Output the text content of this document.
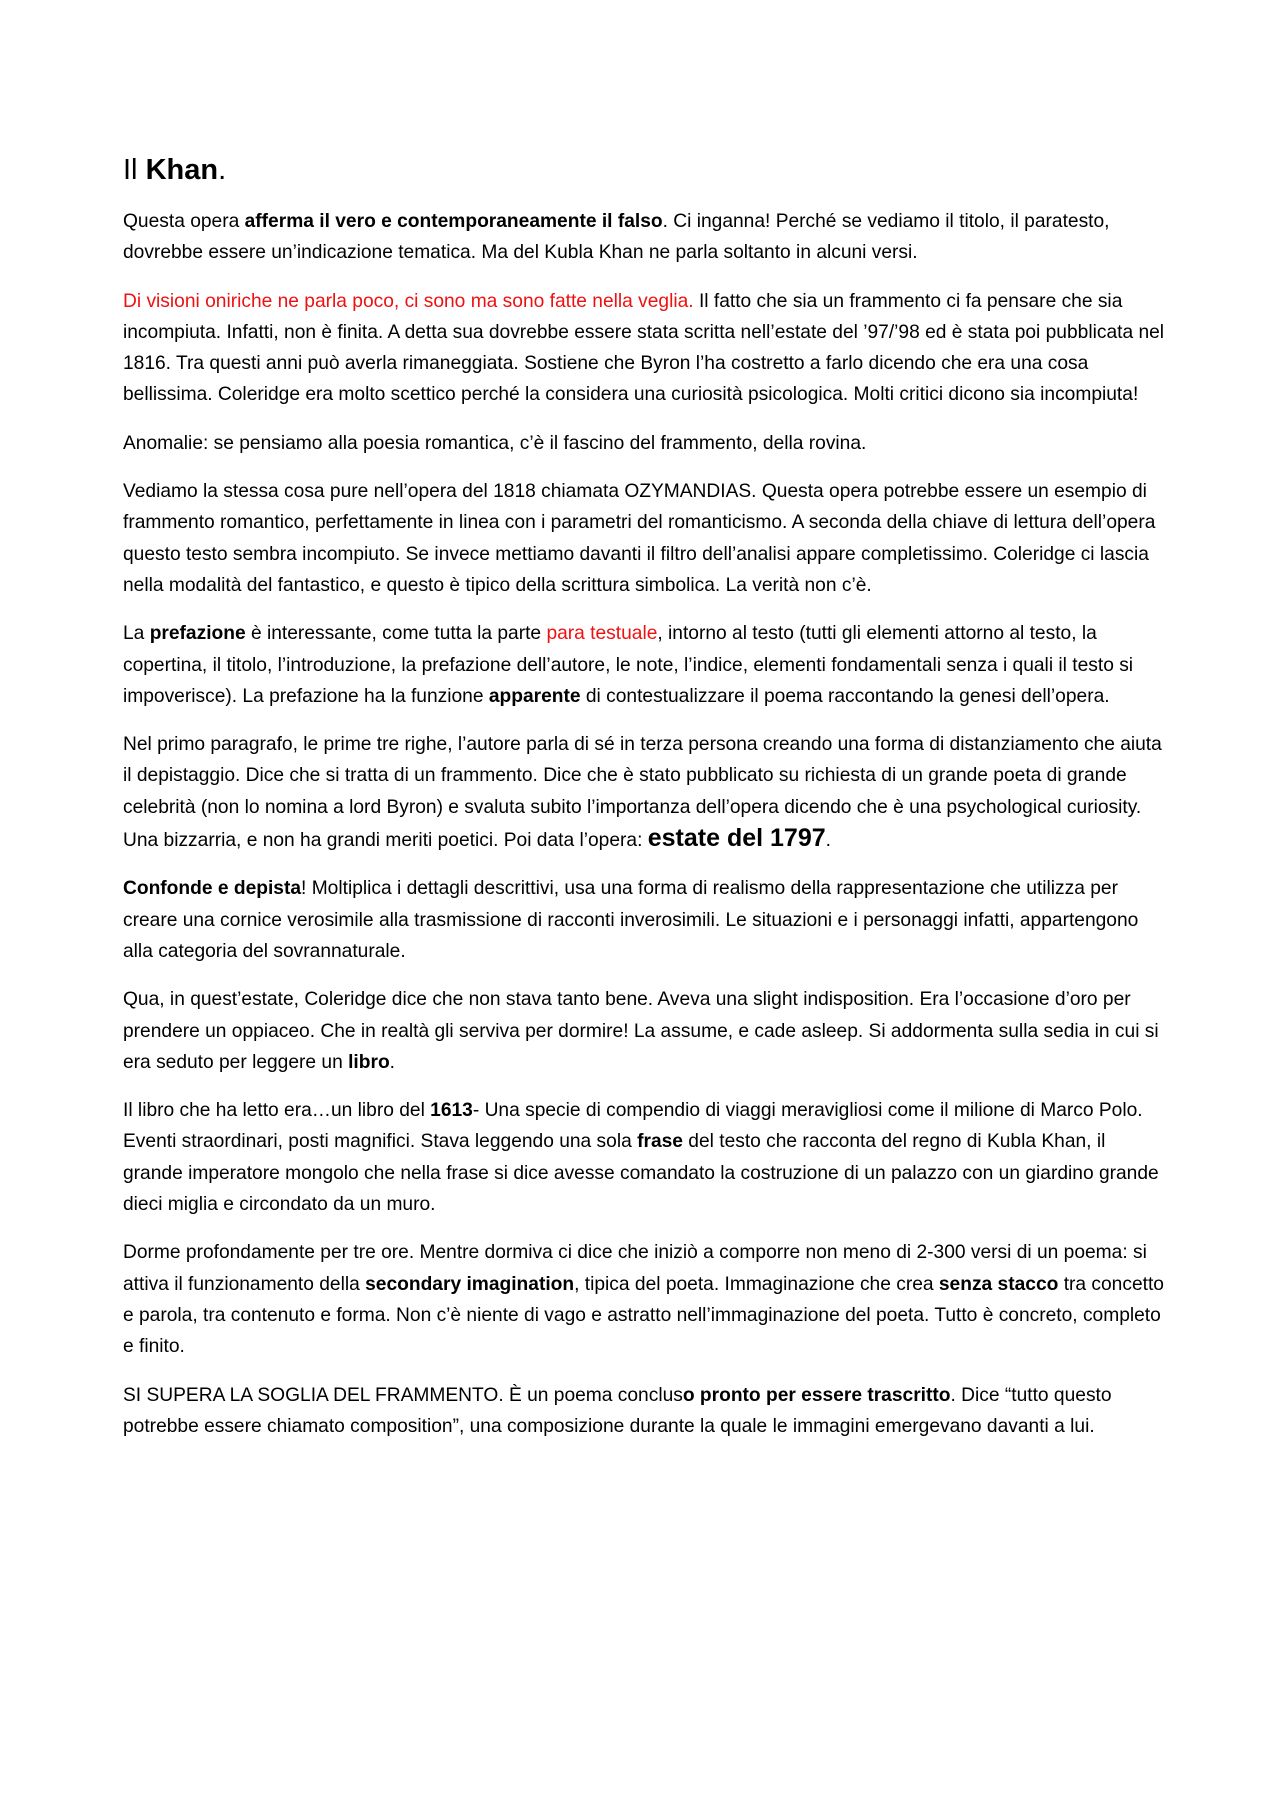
Il Khan.

Questa opera afferma il vero e contemporaneamente il falso. Ci inganna! Perché se vediamo il titolo, il paratesto, dovrebbe essere un’indicazione tematica. Ma del Kubla Khan ne parla soltanto in alcuni versi.

Di visioni oniriche ne parla poco, ci sono ma sono fatte nella veglia. Il fatto che sia un frammento ci fa pensare che sia incompiuta. Infatti, non è finita. A detta sua dovrebbe essere stata scritta nell’estate del ’97/’98 ed è stata poi pubblicata nel 1816. Tra questi anni può averla rimaneggiata. Sostiene che Byron l’ha costretto a farlo dicendo che era una cosa bellissima. Coleridge era molto scettico perché la considera una curiosità psicologica. Molti critici dicono sia incompiuta!

Anomalie: se pensiamo alla poesia romantica, c’è il fascino del frammento, della rovina.

Vediamo la stessa cosa pure nell’opera del 1818 chiamata OZYMANDIAS. Questa opera potrebbe essere un esempio di frammento romantico, perfettamente in linea con i parametri del romanticismo. A seconda della chiave di lettura dell’opera questo testo sembra incompiuto. Se invece mettiamo davanti il filtro dell’analisi appare completissimo. Coleridge ci lascia nella modalità del fantastico, e questo è tipico della scrittura simbolica. La verità non c’è.

La prefazione è interessante, come tutta la parte para testuale, intorno al testo (tutti gli elementi attorno al testo, la copertina, il titolo, l’introduzione, la prefazione dell’autore, le note, l’indice, elementi fondamentali senza i quali il testo si impoverisce). La prefazione ha la funzione apparente di contestualizzare il poema raccontando la genesi dell’opera.

Nel primo paragrafo, le prime tre righe, l’autore parla di sé in terza persona creando una forma di distanziamento che aiuta il depistaggio. Dice che si tratta di un frammento. Dice che è stato pubblicato su richiesta di un grande poeta di grande celebrità (non lo nomina a lord Byron) e svaluta subito l’importanza dell’opera dicendo che è una psychological curiosity. Una bizzarria, e non ha grandi meriti poetici. Poi data l’opera: estate del 1797.

Confonde e depista! Moltiplica i dettagli descrittivi, usa una forma di realismo della rappresentazione che utilizza per creare una cornice verosimile alla trasmissione di racconti inverosimili. Le situazioni e i personaggi infatti, appartengono alla categoria del sovrannaturale.

Qua, in quest’estate, Coleridge dice che non stava tanto bene. Aveva una slight indisposition. Era l’occasione d’oro per prendere un oppiaceo. Che in realtà gli serviva per dormire! La assume, e cade asleep. Si addormenta sulla sedia in cui si era seduto per leggere un libro.

Il libro che ha letto era…un libro del 1613- Una specie di compendio di viaggi meravigliosi come il milione di Marco Polo. Eventi straordinari, posti magnifici. Stava leggendo una sola frase del testo che racconta del regno di Kubla Khan, il grande imperatore mongolo che nella frase si dice avesse comandato la costruzione di un palazzo con un giardino grande dieci miglia e circondato da un muro.

Dorme profondamente per tre ore. Mentre dormiva ci dice che iniziò a comporre non meno di 2-300 versi di un poema: si attiva il funzionamento della secondary imagination, tipica del poeta. Immaginazione che crea senza stacco tra concetto e parola, tra contenuto e forma. Non c’è niente di vago e astratto nell’immaginazione del poeta. Tutto è concreto, completo e finito.

SI SUPERA LA SOGLIA DEL FRAMMENTO. È un poema concluso pronto per essere trascritto. Dice “tutto questo potrebbe essere chiamato composition”, una composizione durante la quale le immagini emergevano davanti a lui.
